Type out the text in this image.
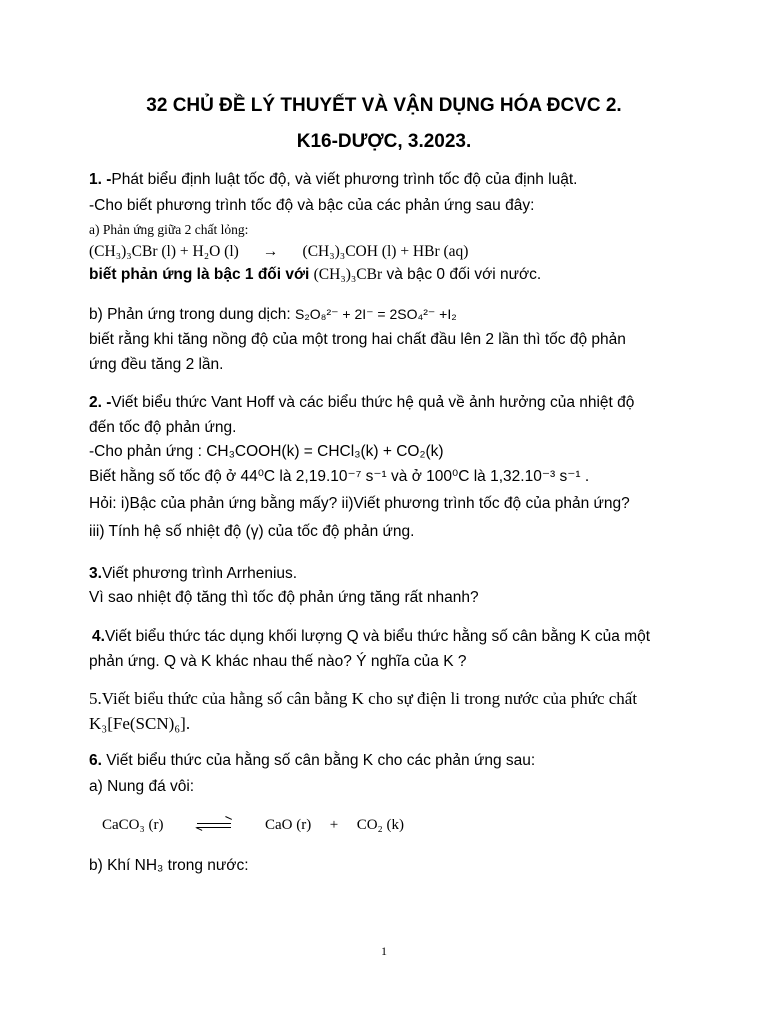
32 CHỦ ĐỀ LÝ THUYẾT VÀ VẬN DỤNG HÓA ĐCVC 2.
K16-DƯỢC, 3.2023.
1. -Phát biểu định luật tốc độ, và viết phương trình tốc độ của định luật.
-Cho biết phương trình tốc độ và bậc của các phản ứng sau đây:
a) Phản ứng giữa 2 chất lỏng:
(CH₃)₃CBr (l) + H₂O (l) → (CH₃)₃COH (l) + HBr (aq)
biết phản ứng là bậc 1 đối với (CH₃)₃CBr và bậc 0 đối với nước.
b) Phản ứng trong dung dịch: S₂O₈²⁻ + 2I⁻ = 2SO₄²⁻ +I₂
biết rằng khi tăng nồng độ của một trong hai chất đầu lên 2 lần thì tốc độ phản
ứng đều tăng 2 lần.
2. -Viết biểu thức Vant Hoff và các biểu thức hệ quả về ảnh hưởng của nhiệt độ
đến tốc độ phản ứng.
-Cho phản ứng : CH₃COOH(k) = CHCl₃(k) + CO₂(k)
Biết hằng số tốc độ ở 44⁰C là 2,19.10⁻⁷ s⁻¹ và ở 100⁰C là 1,32.10⁻³ s⁻¹ .
Hỏi: i)Bậc của phản ứng bằng mấy? ii)Viết phương trình tốc độ của phản ứng?
iii) Tính hệ số nhiệt độ (γ) của tốc độ phản ứng.
3.Viết phương trình Arrhenius.
Vì sao nhiệt độ tăng thì tốc độ phản ứng tăng rất nhanh?
4.Viết biểu thức tác dụng khối lượng Q và biểu thức hằng số cân bằng K của một
phản ứng. Q và K khác nhau thế nào? Ý nghĩa của K ?
5.Viết biểu thức của hằng số cân bằng K cho sự điện li trong nước của phức chất
K₃[Fe(SCN)₆].
6. Viết biểu thức của hằng số cân bằng K cho các phản ứng sau:
a) Nung đá vôi:
CaCO₃ (r)	CaO (r) + CO₂ (k)
b) Khí NH₃ trong nước:
1
